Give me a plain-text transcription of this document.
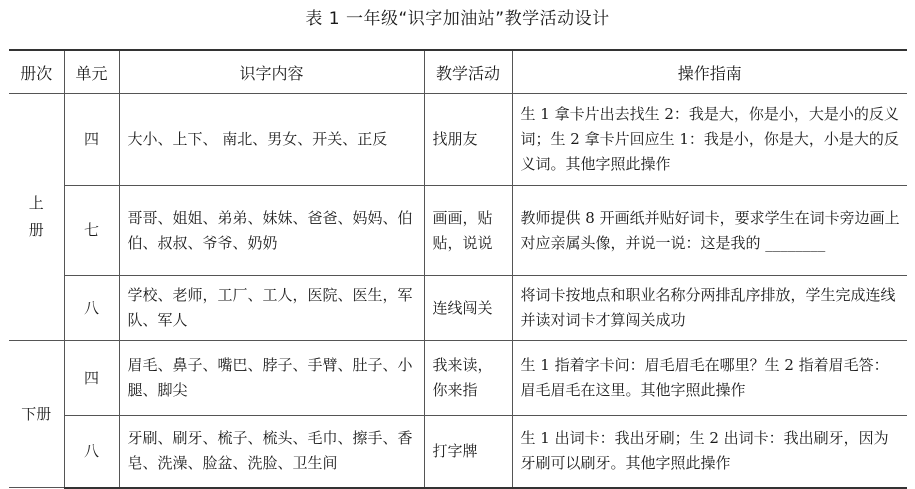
表 1 一年级“识字加油站”教学活动设计
册次	单元	识字内容	教学活动	操作指南

上
册	四	大小、上下、 南北、男女、开关、正反	找朋友	生 1 拿卡片出去找生 2：我是大，你是小，大是小的反义词；生 2 拿卡片回应生 1：我是小，你是大，小是大的反义词。其他字照此操作
	七	哥哥、姐姐、弟弟、妹妹、爸爸、妈妈、伯伯、叔叔、爷爷、奶奶	画画，贴贴，说说	教师提供 8 开画纸并贴好词卡，要求学生在词卡旁边画上对应亲属头像，并说一说：这是我的 ________
	八	学校、老师，工厂、工人，医院、医生，军队、军人	连线闯关	将词卡按地点和职业名称分两排乱序排放，学生完成连线并读对词卡才算闯关成功
下册	四	眉毛、鼻子、嘴巴、脖子、手臂、肚子、小腿、脚尖	我来读，你来指	生 1 指着字卡问：眉毛眉毛在哪里？生 2 指着眉毛答：眉毛眉毛在这里。其他字照此操作
	八	牙刷、刷牙、梳子、梳头、毛巾、擦手、香皂、洗澡、脸盆、洗脸、卫生间	打字牌	生 1 出词卡：我出牙刷；生 2 出词卡：我出刷牙，因为牙刷可以刷牙。其他字照此操作
